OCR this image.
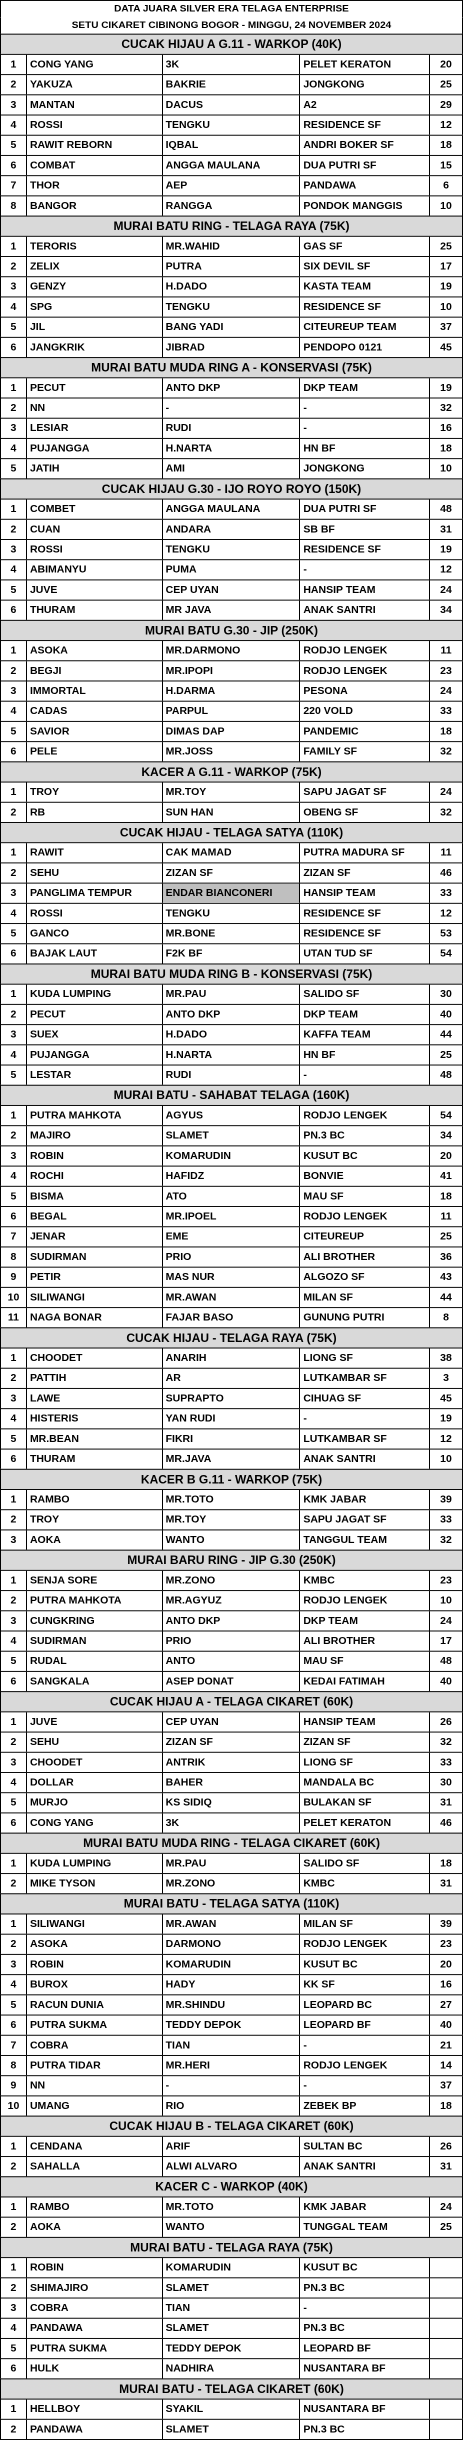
DATA JUARA SILVER ERA TELAGA ENTERPRISE
SETU CIKARET CIBINONG BOGOR - MINGGU, 24 NOVEMBER 2024
CUCAK HIJAU A G.11 - WARKOP (40K)
1	CONG YANG	3K	PELET KERATON	20
2	YAKUZA	BAKRIE	JONGKONG	25
3	MANTAN	DACUS	A2	29
4	ROSSI	TENGKU	RESIDENCE SF	12
5	RAWIT REBORN	IQBAL	ANDRI BOKER SF	18
6	COMBAT	ANGGA MAULANA	DUA PUTRI SF	15
7	THOR	AEP	PANDAWA	6
8	BANGOR	RANGGA	PONDOK MANGGIS	10
MURAI BATU RING - TELAGA RAYA (75K)
1	TERORIS	MR.WAHID	GAS SF	25
2	ZELIX	PUTRA	SIX DEVIL SF	17
3	GENZY	H.DADO	KASTA TEAM	19
4	SPG	TENGKU	RESIDENCE SF	10
5	JIL	BANG YADI	CITEUREUP TEAM	37
6	JANGKRIK	JIBRAD	PENDOPO 0121	45
MURAI BATU MUDA RING A - KONSERVASI (75K)
1	PECUT	ANTO DKP	DKP TEAM	19
2	NN	-	-	32
3	LESIAR	RUDI	-	16
4	PUJANGGA	H.NARTA	HN BF	18
5	JATIH	AMI	JONGKONG	10
CUCAK HIJAU G.30 - IJO ROYO ROYO (150K)
1	COMBET	ANGGA MAULANA	DUA PUTRI SF	48
2	CUAN	ANDARA	SB BF	31
3	ROSSI	TENGKU	RESIDENCE SF	19
4	ABIMANYU	PUMA	-	12
5	JUVE	CEP UYAN	HANSIP TEAM	24
6	THURAM	MR JAVA	ANAK SANTRI	34
MURAI BATU G.30 - JIP (250K)
1	ASOKA	MR.DARMONO	RODJO LENGEK	11
2	BEGJI	MR.IPOPI	RODJO LENGEK	23
3	IMMORTAL	H.DARMA	PESONA	24
4	CADAS	PARPUL	220 VOLD	33
5	SAVIOR	DIMAS DAP	PANDEMIC	18
6	PELE	MR.JOSS	FAMILY SF	32
KACER A G.11 - WARKOP (75K)
1	TROY	MR.TOY	SAPU JAGAT SF	24
2	RB	SUN HAN	OBENG SF	32
CUCAK HIJAU - TELAGA SATYA (110K)
1	RAWIT	CAK MAMAD	PUTRA MADURA SF	11
2	SEHU	ZIZAN SF	ZIZAN SF	46
3	PANGLIMA TEMPUR	ENDAR BIANCONERI	HANSIP TEAM	33
4	ROSSI	TENGKU	RESIDENCE SF	12
5	GANCO	MR.BONE	RESIDENCE SF	53
6	BAJAK LAUT	F2K BF	UTAN TUD SF	54
MURAI BATU MUDA RING B - KONSERVASI (75K)
1	KUDA LUMPING	MR.PAU	SALIDO SF	30
2	PECUT	ANTO DKP	DKP TEAM	40
3	SUEX	H.DADO	KAFFA TEAM	44
4	PUJANGGA	H.NARTA	HN BF	25
5	LESTAR	RUDI	-	48
MURAI BATU - SAHABAT TELAGA (160K)
1	PUTRA MAHKOTA	AGYUS	RODJO LENGEK	54
2	MAJIRO	SLAMET	PN.3 BC	34
3	ROBIN	KOMARUDIN	KUSUT BC	20
4	ROCHI	HAFIDZ	BONVIE	41
5	BISMA	ATO	MAU SF	18
6	BEGAL	MR.IPOEL	RODJO LENGEK	11
7	JENAR	EME	CITEUREUP	25
8	SUDIRMAN	PRIO	ALI BROTHER	36
9	PETIR	MAS NUR	ALGOZO SF	43
10	SILIWANGI	MR.AWAN	MILAN SF	44
11	NAGA BONAR	FAJAR BASO	GUNUNG PUTRI	8
CUCAK HIJAU - TELAGA RAYA (75K)
1	CHOODET	ANARIH	LIONG SF	38
2	PATTIH	AR	LUTKAMBAR SF	3
3	LAWE	SUPRAPTO	CIHUAG SF	45
4	HISTERIS	YAN RUDI	-	19
5	MR.BEAN	FIKRI	LUTKAMBAR SF	12
6	THURAM	MR.JAVA	ANAK SANTRI	10
KACER B G.11 - WARKOP (75K)
1	RAMBO	MR.TOTO	KMK JABAR	39
2	TROY	MR.TOY	SAPU JAGAT SF	33
3	AOKA	WANTO	TANGGUL TEAM	32
MURAI BARU RING - JIP G.30 (250K)
1	SENJA SORE	MR.ZONO	KMBC	23
2	PUTRA MAHKOTA	MR.AGYUZ	RODJO LENGEK	10
3	CUNGKRING	ANTO DKP	DKP TEAM	24
4	SUDIRMAN	PRIO	ALI BROTHER	17
5	RUDAL	ANTO	MAU SF	48
6	SANGKALA	ASEP DONAT	KEDAI FATIMAH	40
CUCAK HIJAU A - TELAGA CIKARET (60K)
1	JUVE	CEP UYAN	HANSIP TEAM	26
2	SEHU	ZIZAN SF	ZIZAN SF	32
3	CHOODET	ANTRIK	LIONG SF	33
4	DOLLAR	BAHER	MANDALA BC	30
5	MURJO	KS SIDIQ	BULAKAN SF	31
6	CONG YANG	3K	PELET KERATON	46
MURAI BATU MUDA RING - TELAGA CIKARET (60K)
1	KUDA LUMPING	MR.PAU	SALIDO SF	18
2	MIKE TYSON	MR.ZONO	KMBC	31
MURAI BATU - TELAGA SATYA (110K)
1	SILIWANGI	MR.AWAN	MILAN SF	39
2	ASOKA	DARMONO	RODJO LENGEK	23
3	ROBIN	KOMARUDIN	KUSUT BC	20
4	BUROX	HADY	KK SF	16
5	RACUN DUNIA	MR.SHINDU	LEOPARD BC	27
6	PUTRA SUKMA	TEDDY DEPOK	LEOPARD BF	40
7	COBRA	TIAN	-	21
8	PUTRA TIDAR	MR.HERI	RODJO LENGEK	14
9	NN	-	-	37
10	UMANG	RIO	ZEBEK BP	18
CUCAK HIJAU B - TELAGA CIKARET (60K)
1	CENDANA	ARIF	SULTAN BC	26
2	SAHALLA	ALWI ALVARO	ANAK SANTRI	31
KACER C - WARKOP (40K)
1	RAMBO	MR.TOTO	KMK JABAR	24
2	AOKA	WANTO	TUNGGAL TEAM	25
MURAI BATU - TELAGA RAYA (75K)
1	ROBIN	KOMARUDIN	KUSUT BC
2	SHIMAJIRO	SLAMET	PN.3 BC
3	COBRA	TIAN	-
4	PANDAWA	SLAMET	PN.3 BC
5	PUTRA SUKMA	TEDDY DEPOK	LEOPARD BF
6	HULK	NADHIRA	NUSANTARA BF
MURAI BATU - TELAGA CIKARET (60K)
1	HELLBOY	SYAKIL	NUSANTARA BF
2	PANDAWA	SLAMET	PN.3 BC
